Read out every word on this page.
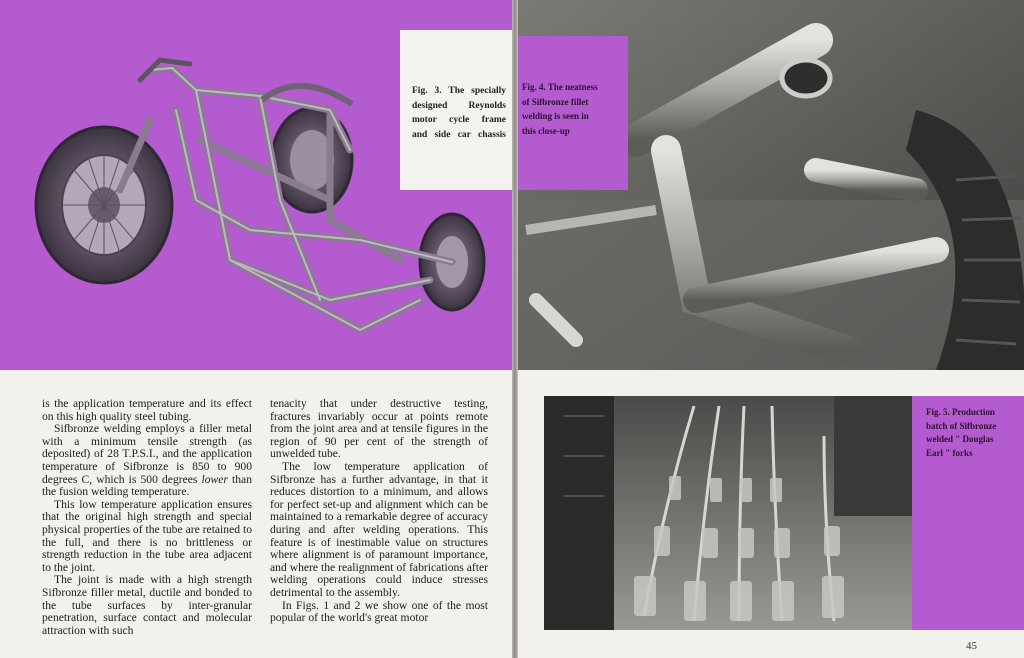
Fig. 3. The specially
designed Reynolds
motor cycle frame
and side car chassis
Fig. 4. The neatness
of Sifbronze fillet
welding is seen in
this close-up

is the application temperature and its effect on this high quality steel tubing.

Sifbronze welding employs a filler metal with a minimum tensile strength (as deposited) of 28 T.P.S.I., and the application temperature of Sifbronze is 850 to 900 degrees C, which is 500 degrees lower than the fusion welding temperature.

This low temperature application ensures that the original high strength and special physical properties of the tube are retained to the full, and there is no brittleness or strength reduction in the tube area adjacent to the joint.

The joint is made with a high strength Sifbronze filler metal, ductile and bonded to the tube surfaces by inter-granular penetration, surface contact and molecular attraction with such

tenacity that under destructive testing, fractures invariably occur at points remote from the joint area and at tensile figures in the region of 90 per cent of the strength of unwelded tube.

The low temperature application of Sifbronze has a further advantage, in that it reduces distortion to a minimum, and allows for perfect set-up and alignment which can be maintained to a remarkable degree of accuracy during and after welding operations. This feature is of inestimable value on structures where alignment is of paramount importance, and where the realignment of fabrications after welding operations could induce stresses detrimental to the assembly.

In Figs. 1 and 2 we show one of the most popular of the world's great motor

Fig. 5. Production
batch of Sifbronze
welded " Douglas
Earl " forks
45
